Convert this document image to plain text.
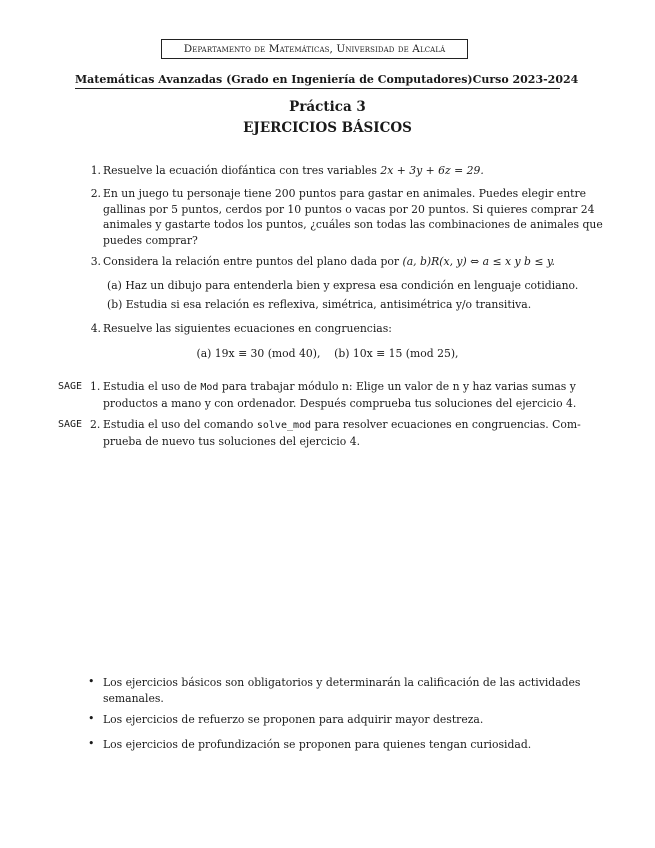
Departamento de Matemáticas, Universidad de Alcalá
Matemáticas Avanzadas (Grado en Ingeniería de Computadores) Curso 2023-2024
Práctica 3
EJERCICIOS BÁSICOS
1. Resuelve la ecuación diofántica con tres variables 2x + 3y + 6z = 29.
2. En un juego tu personaje tiene 200 puntos para gastar en animales. Puedes elegir entre
gallinas por 5 puntos, cerdos por 10 puntos o vacas por 20 puntos. Si quieres comprar 24
animales y gastarte todos los puntos, ¿cuáles son todas las combinaciones de animales que
puedes comprar?
3. Considera la relación entre puntos del plano dada por (a, b)R(x, y) ⇔ a ≤ x y b ≤ y.
(a) Haz un dibujo para entenderla bien y expresa esa condición en lenguaje cotidiano.
(b) Estudia si esa relación es reflexiva, simétrica, antisimétrica y/o transitiva.
4. Resuelve las siguientes ecuaciones en congruencias:
(a) 19x ≡ 30 (mod 40),    (b) 10x ≡ 15 (mod 25),
SAGE 1. Estudia el uso de Mod para trabajar módulo n: Elige un valor de n y haz varias sumas y
productos a mano y con ordenador. Después comprueba tus soluciones del ejercicio 4.
SAGE 2. Estudia el uso del comando solve_mod para resolver ecuaciones en congruencias. Com-
prueba de nuevo tus soluciones del ejercicio 4.
• Los ejercicios básicos son obligatorios y determinarán la calificación de las actividades
semanales.
• Los ejercicios de refuerzo se proponen para adquirir mayor destreza.
• Los ejercicios de profundización se proponen para quienes tengan curiosidad.
